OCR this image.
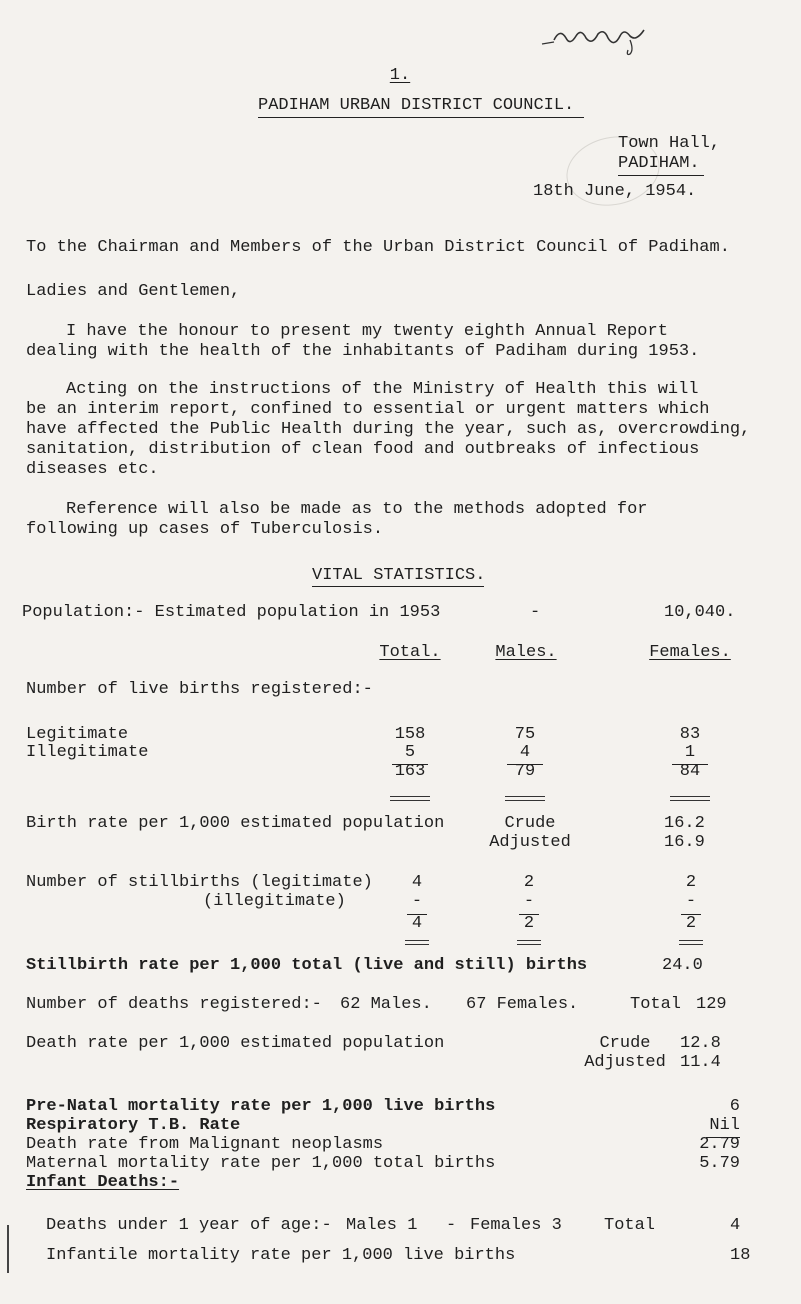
1.
PADIHAM URBAN DISTRICT COUNCIL.
Town Hall,
PADIHAM.
18th June, 1954.
To the Chairman and Members of the Urban District Council of Padiham.
Ladies and Gentlemen,
I have the honour to present my twenty eighth Annual Report
dealing with the health of the inhabitants of Padiham during 1953.
Acting on the instructions of the Ministry of Health this will
be an interim report, confined to essential or urgent matters which
have affected the Public Health during the year, such as, overcrowding,
sanitation, distribution of clean food and outbreaks of infectious
diseases etc.
Reference will also be made as to the methods adopted for
following up cases of Tuberculosis.
VITAL STATISTICS.
Population:- Estimated population in 1953	-	10,040.
Total.	Males.	Females.
Number of live births registered:-
Legitimate	158	75	83
Illegitimate	5	4	1
163	79	84
Birth rate per 1,000 estimated population	Crude	16.2
Adjusted	16.9
Number of stillbirths (legitimate)	4	2	2
(illegitimate)	-	-	-
4	2	2
Stillbirth rate per 1,000 total (live and still) births	24.0
Number of deaths registered:- 62 Males. 67 Females.	Total 129
Death rate per 1,000 estimated population	Crude	12.8
Adjusted 11.4
Pre-Natal mortality rate per 1,000 live births	6
Respiratory T.B. Rate	Nil
Death rate from Malignant neoplasms	2.79
Maternal mortality rate per 1,000 total births	5.79
Infant Deaths:-
Deaths under 1 year of age:- Males 1 - Females 3 Total	4
Infantile mortality rate per 1,000 live births	18
